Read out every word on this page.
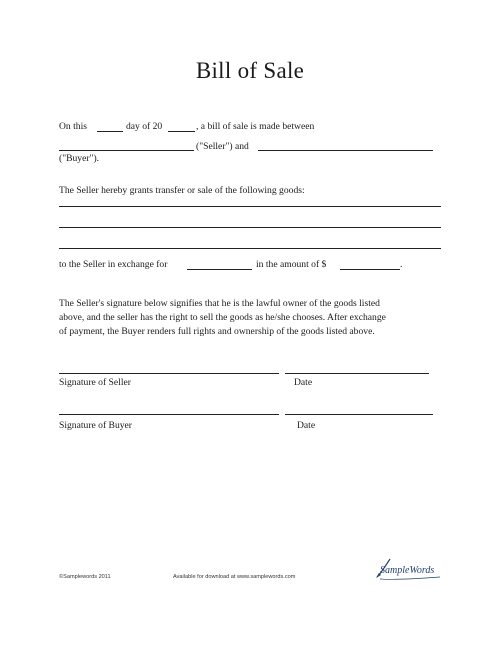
Bill of Sale
On this	day of 20	, a bill of sale is made between
("Seller") and
("Buyer").
The Seller hereby grants transfer or sale of the following goods:
to the Seller in exchange for	in the amount of $	.
The Seller's signature below signifies that he is the lawful owner of the goods listed
above, and the seller has the right to sell the goods as he/she chooses. After exchange
of payment, the Buyer renders full rights and ownership of the goods listed above.
Signature of Seller	Date
Signature of Buyer	Date
©Samplewords 2011	Available for download at www.samplewords.com
SampleWords
